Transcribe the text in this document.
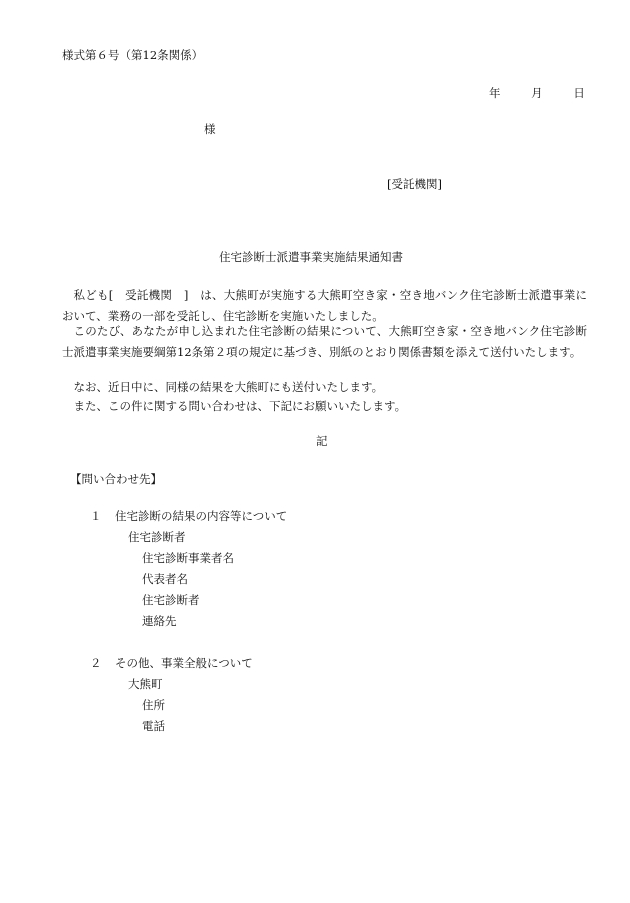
様式第６号（第12条関係）
年	月	日
様
[受託機関]
住宅診断士派遣事業実施結果通知書
私ども[　受託機関　]　は、大熊町が実施する大熊町空き家・空き地バンク住宅診断士派遣事業において、業務の一部を受託し、住宅診断を実施いたしました。
このたび、あなたが申し込まれた住宅診断の結果について、大熊町空き家・空き地バンク住宅診断士派遣事業実施要綱第12条第２項の規定に基づき、別紙のとおり関係書類を添えて送付いたします。
なお、近日中に、同様の結果を大熊町にも送付いたします。
また、この件に関する問い合わせは、下記にお願いいたします。
記
【問い合わせ先】
１ 住宅診断の結果の内容等について
住宅診断者
住宅診断事業者名
代表者名
住宅診断者
連絡先
２ その他、事業全般について
大熊町
住所
電話
